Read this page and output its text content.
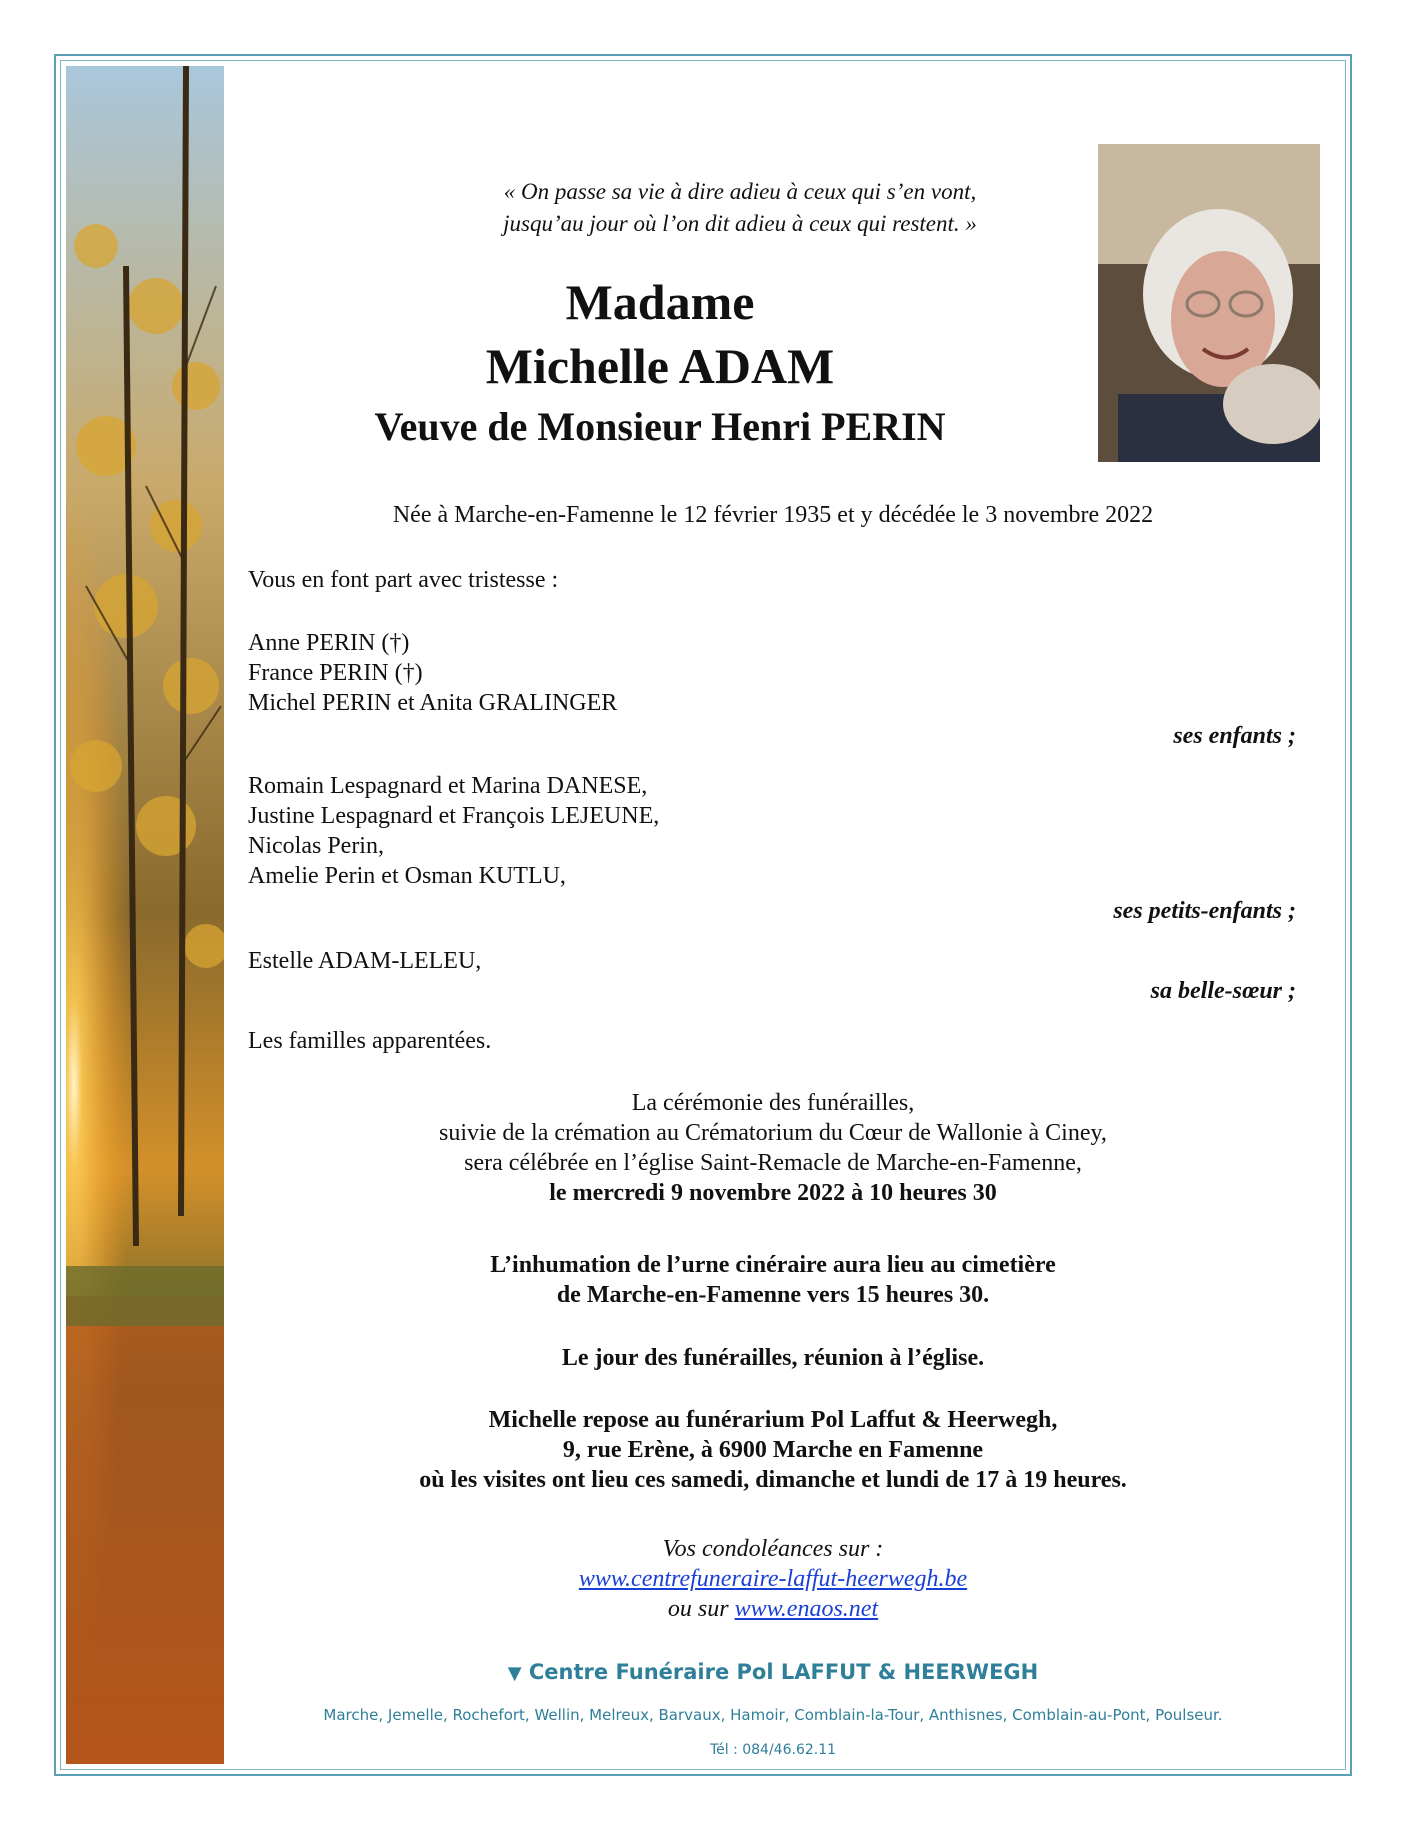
« On passe sa vie à dire adieu à ceux qui s’en vont,
jusqu’au jour où l’on dit adieu à ceux qui restent. »
Madame
Michelle ADAM
Veuve de Monsieur Henri PERIN
Née à Marche-en-Famenne le 12 février 1935 et y décédée le 3 novembre 2022
Vous en font part avec tristesse :
Anne PERIN (†)
France PERIN (†)
Michel PERIN et Anita GRALINGER
ses enfants ;
Romain Lespagnard et Marina DANESE,
Justine Lespagnard et François LEJEUNE,
Nicolas Perin,
Amelie Perin et Osman KUTLU,
ses petits-enfants ;
Estelle ADAM-LELEU,
sa belle-sœur ;
Les familles apparentées.
La cérémonie des funérailles,
suivie de la crémation au Crématorium du Cœur de Wallonie à Ciney,
sera célébrée en l’église Saint-Remacle de Marche-en-Famenne,
le mercredi 9 novembre 2022 à 10 heures 30
L’inhumation de l’urne cinéraire aura lieu au cimetière
de Marche-en-Famenne vers 15 heures 30.
Le jour des funérailles, réunion à l’église.
Michelle repose au funérarium Pol Laffut & Heerwegh,
9, rue Erène, à 6900 Marche en Famenne
où les visites ont lieu ces samedi, dimanche et lundi de 17 à 19 heures.
Vos condoléances sur :
www.centrefuneraire-laffut-heerwegh.be
ou sur www.enaos.net
▼ Centre Funéraire Pol LAFFUT & HEERWEGH
Marche, Jemelle, Rochefort, Wellin, Melreux, Barvaux, Hamoir, Comblain-la-Tour, Anthisnes, Comblain-au-Pont, Poulseur.
Tél : 084/46.62.11
